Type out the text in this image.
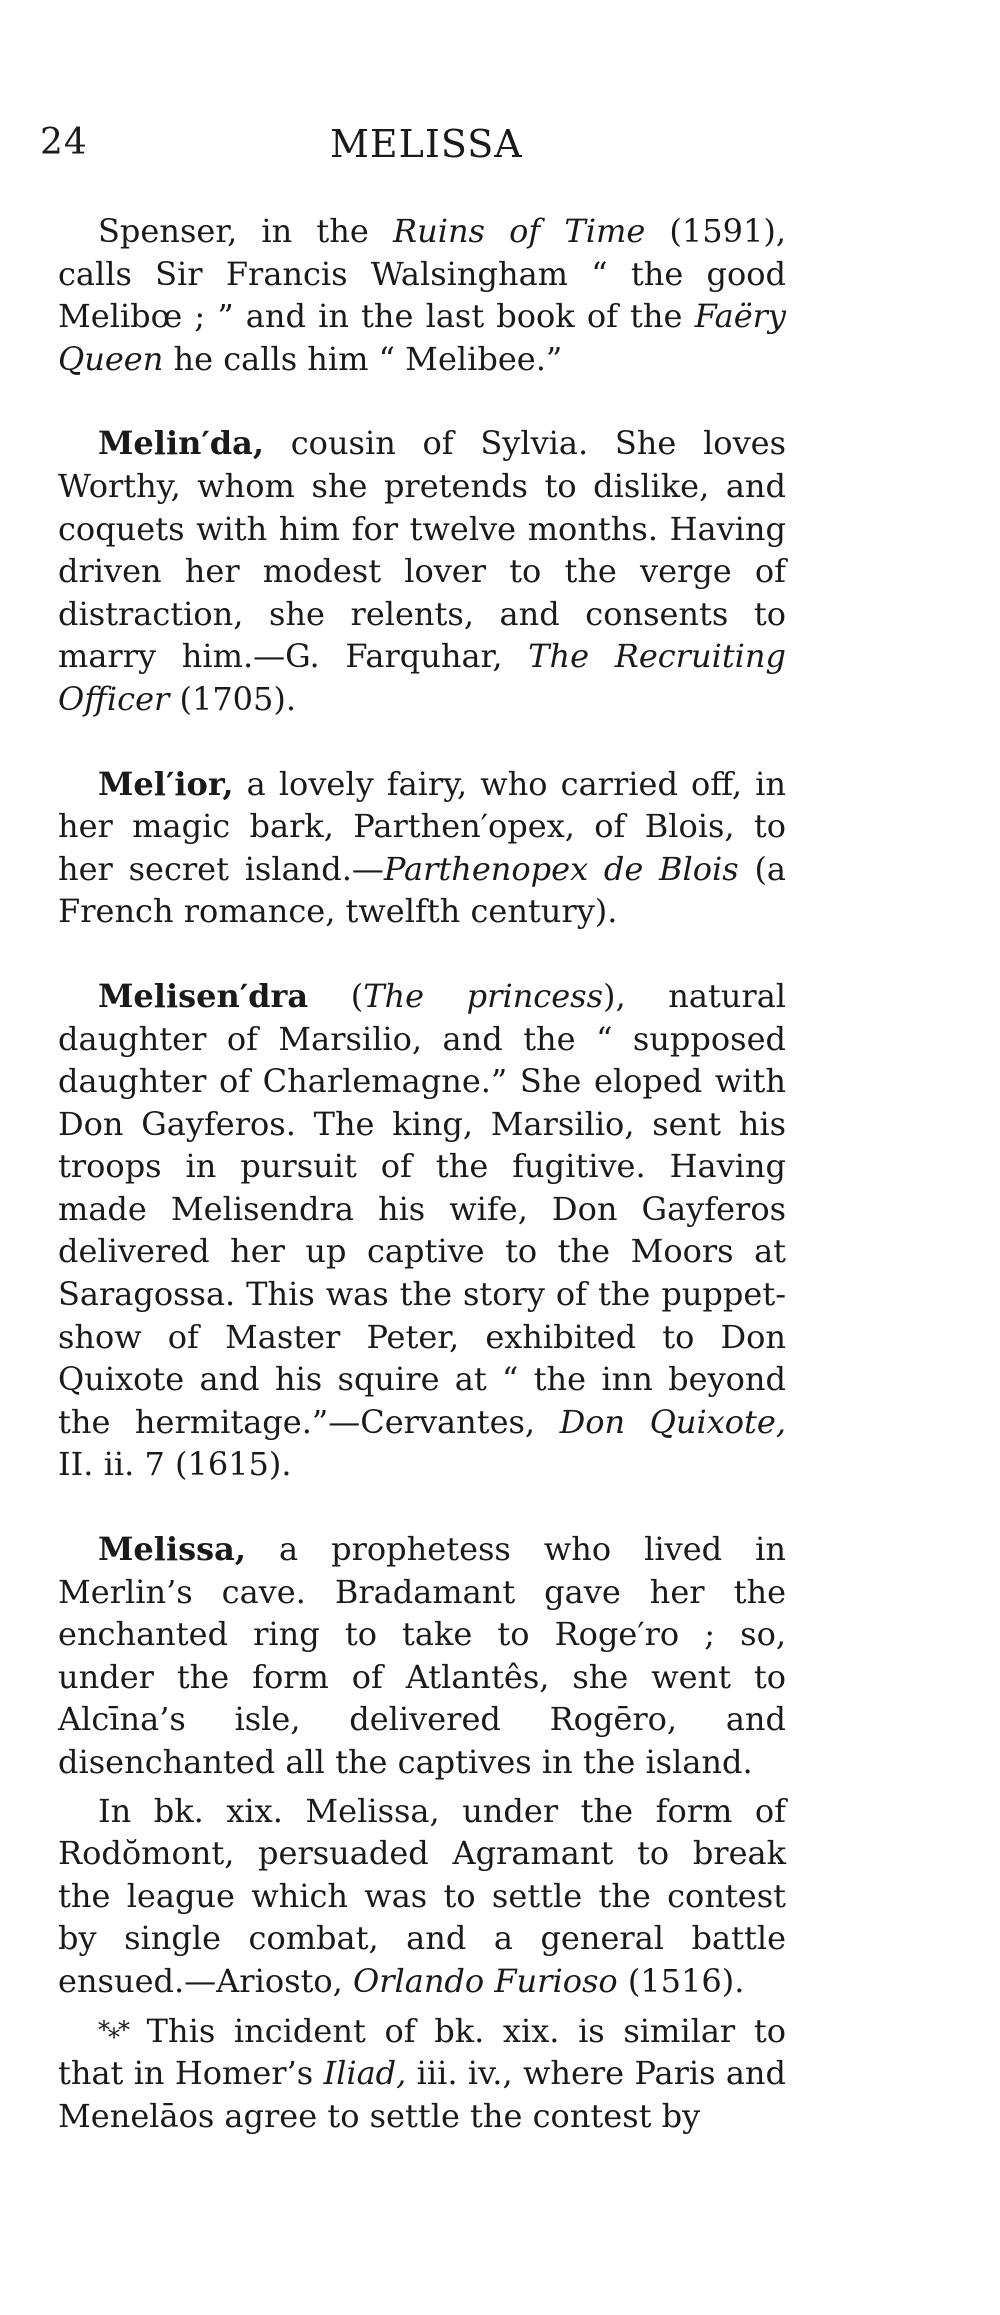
24	MELISSA

Spenser, in the Ruins of Time (1591), calls Sir Francis Walsingham “ the good Melibœ ; ” and in the last book of the Faëry Queen he calls him “ Melibee.”

Melin′da, cousin of Sylvia. She loves Worthy, whom she pretends to dislike, and coquets with him for twelve months. Having driven her modest lover to the verge of distraction, she relents, and consents to marry him.—G. Farquhar, The Recruiting Officer (1705).

Mel′ior, a lovely fairy, who carried off, in her magic bark, Parthen′opex, of Blois, to her secret island.—Parthenopex de Blois (a French romance, twelfth century).

Melisen′dra (The princess), natural daughter of Marsilio, and the “ supposed daughter of Charlemagne.” She eloped with Don Gayferos. The king, Marsilio, sent his troops in pursuit of the fugitive. Having made Melisendra his wife, Don Gayferos delivered her up captive to the Moors at Saragossa. This was the story of the puppet-show of Master Peter, exhibited to Don Quixote and his squire at “ the inn beyond the hermitage.”—Cervantes, Don Quixote, II. ii. 7 (1615).

Melissa, a prophetess who lived in Merlin’s cave. Bradamant gave her the enchanted ring to take to Roge′ro ; so, under the form of Atlantês, she went to Alcīna’s isle, delivered Rogēro, and disenchanted all the captives in the island.

In bk. xix. Melissa, under the form of Rodŏmont, persuaded Agramant to break the league which was to settle the contest by single combat, and a general battle ensued.—Ariosto, Orlando Furioso (1516).

*⁎* This incident of bk. xix. is similar to that in Homer’s Iliad, iii. iv., where Paris and Menelāos agree to settle the contest by
